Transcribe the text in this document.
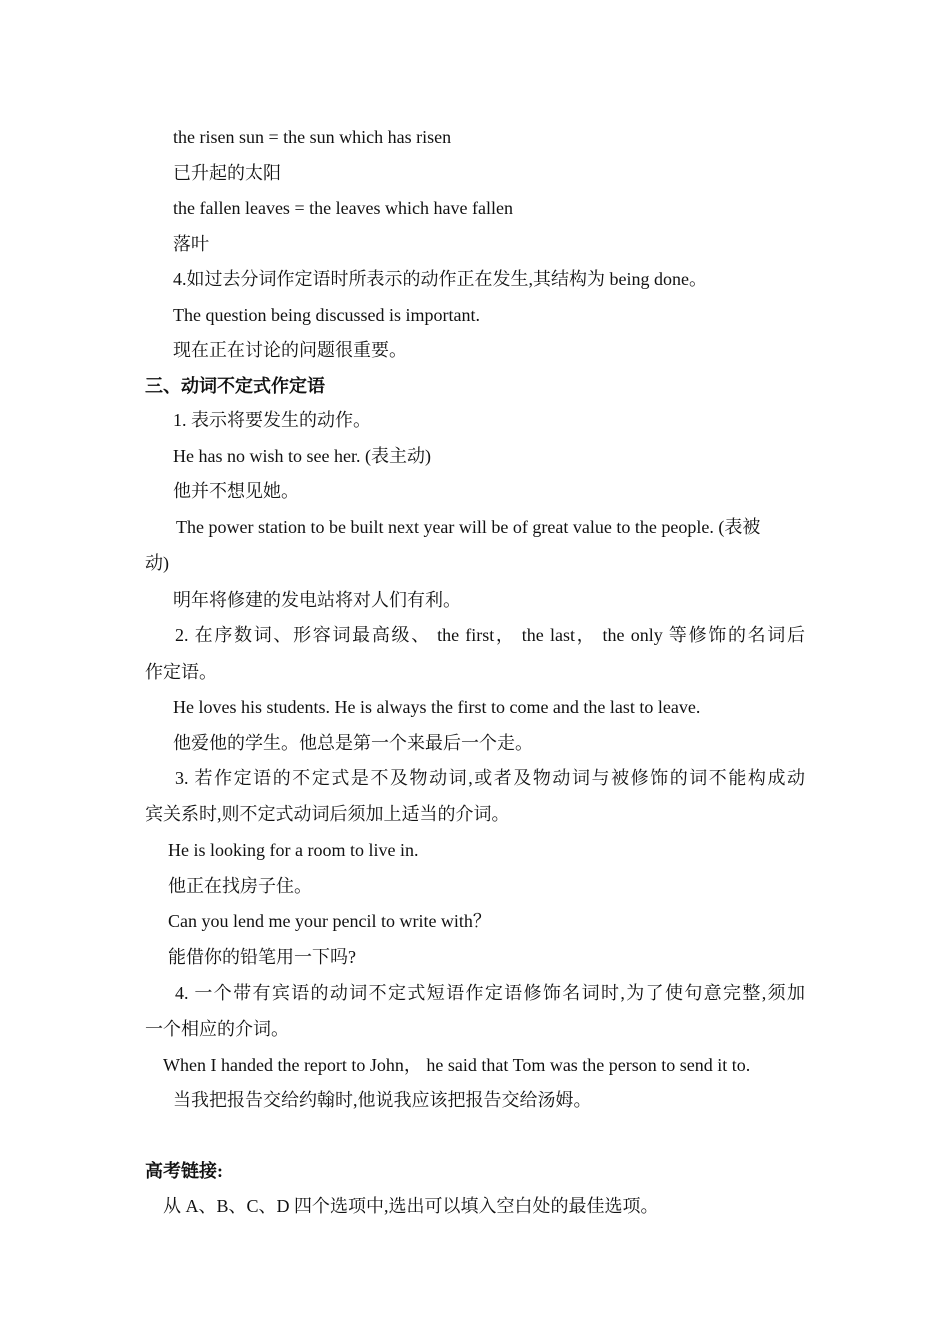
the risen sun = the sun which has risen

已升起的太阳

the fallen leaves = the leaves which have fallen

落叶

4.如过去分词作定语时所表示的动作正在发生,其结构为 being done。

The question being discussed is important.

现在正在讨论的问题很重要。

三、动词不定式作定语

1. 表示将要发生的动作。

He has no wish to see her. (表主动)

他并不想见她。

The power station to be built next year will be of great value to the people. (表被

动)

明年将修建的发电站将对人们有利。

2. 在序数词、形容词最高级、 the first， the last， the only 等修饰的名词后

作定语。

He loves his students. He is always the first to come and the last to leave.

他爱他的学生。他总是第一个来最后一个走。

3. 若作定语的不定式是不及物动词,或者及物动词与被修饰的词不能构成动

宾关系时,则不定式动词后须加上适当的介词。

He is looking for a room to live in.

他正在找房子住。

Can you lend me your pencil to write with？

能借你的铅笔用一下吗?

4. 一个带有宾语的动词不定式短语作定语修饰名词时,为了使句意完整,须加

一个相应的介词。

When I handed the report to John， he said that Tom was the person to send it to.

当我把报告交给约翰时,他说我应该把报告交给汤姆。

高考链接:

从 A、B、C、D 四个选项中,选出可以填入空白处的最佳选项。
